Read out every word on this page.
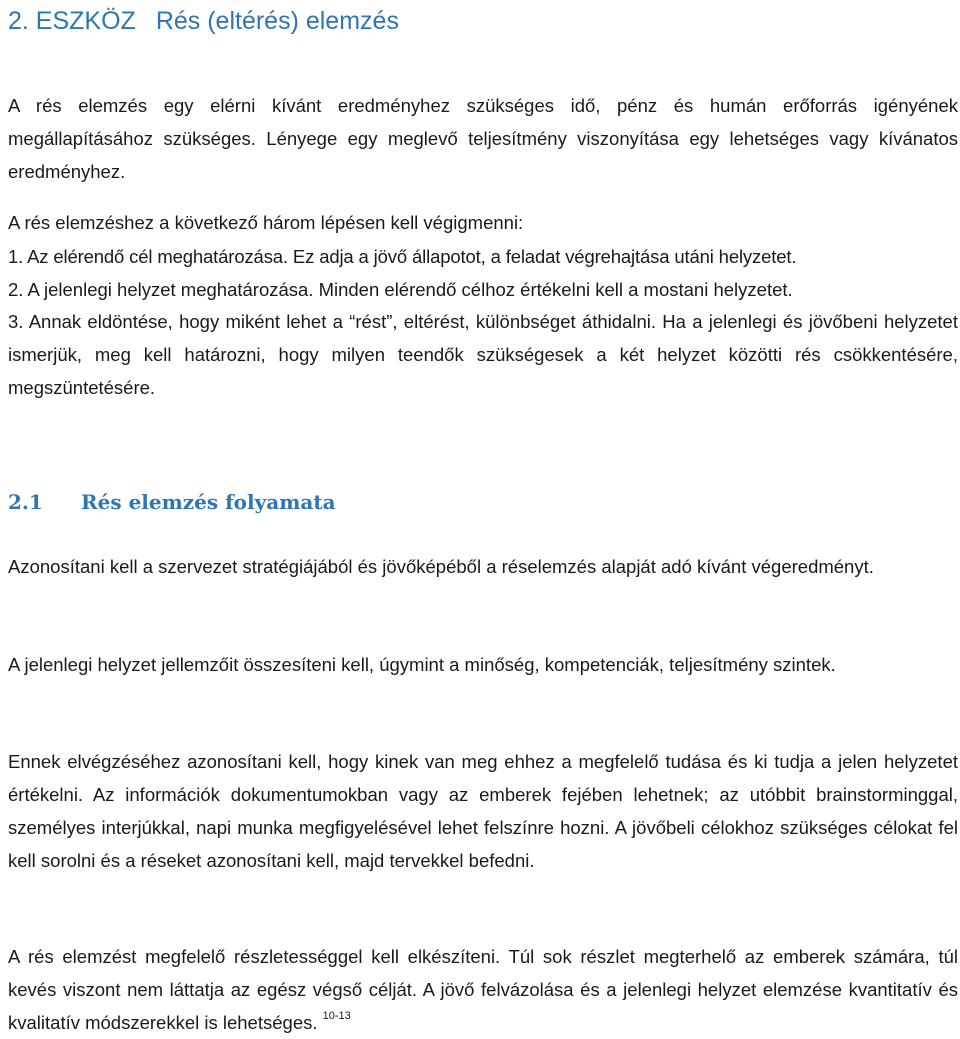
2. ESZKÖZ Rés (eltérés) elemzés

A rés elemzés egy elérni kívánt eredményhez szükséges idő, pénz és humán erőforrás igényének megállapításához szükséges. Lényege egy meglevő teljesítmény viszonyítása egy lehetséges vagy kívánatos eredményhez.

A rés elemzéshez a következő három lépésen kell végigmenni:

1. Az elérendő cél meghatározása. Ez adja a jövő állapotot, a feladat végrehajtása utáni helyzetet.

2. A jelenlegi helyzet meghatározása. Minden elérendő célhoz értékelni kell a mostani helyzetet.

3. Annak eldöntése, hogy miként lehet a “rést”, eltérést, különbséget áthidalni. Ha a jelenlegi és jövőbeni helyzetet ismerjük, meg kell határozni, hogy milyen teendők szükségesek a két helyzet közötti rés csökkentésére, megszüntetésére.

2.1 Rés elemzés folyamata

Azonosítani kell a szervezet stratégiájából és jövőképéből a réselemzés alapját adó kívánt végeredményt.

A jelenlegi helyzet jellemzőit összesíteni kell, úgymint a minőség, kompetenciák, teljesítmény szintek.

Ennek elvégzéséhez azonosítani kell, hogy kinek van meg ehhez a megfelelő tudása és ki tudja a jelen helyzetet értékelni. Az információk dokumentumokban vagy az emberek fejében lehetnek; az utóbbit brainstorminggal, személyes interjúkkal, napi munka megfigyelésével lehet felszínre hozni. A jövőbeli célokhoz szükséges célokat fel kell sorolni és a réseket azonosítani kell, majd tervekkel befedni.

A rés elemzést megfelelő részletességgel kell elkészíteni. Túl sok részlet megterhelő az emberek számára, túl kevés viszont nem láttatja az egész végső célját. A jövő felvázolása és a jelenlegi helyzet elemzése kvantitatív és kvalitatív módszerekkel is lehetséges. $^{10-13}$
